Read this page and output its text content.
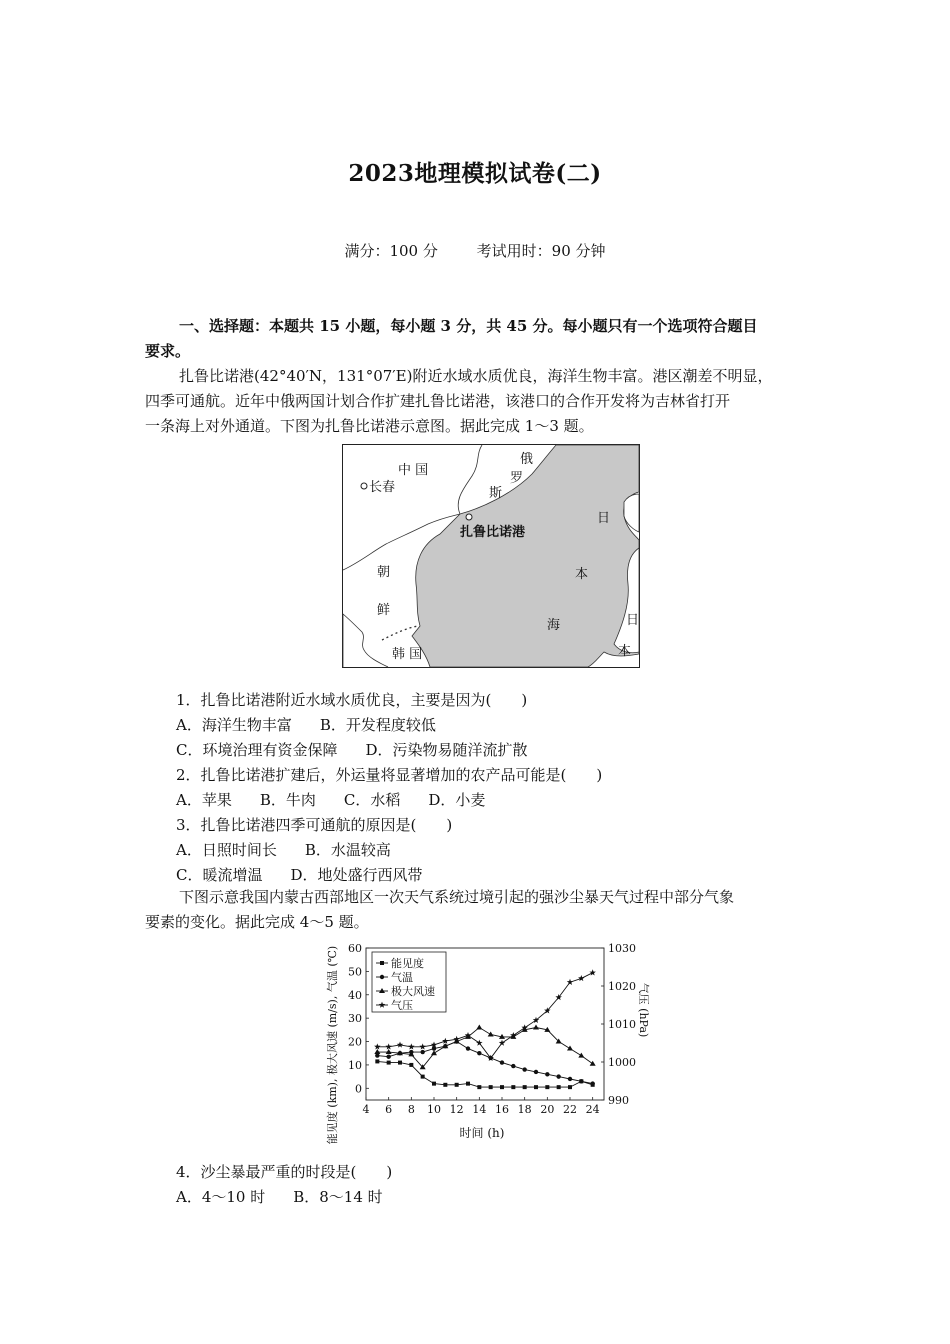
2023地理模拟试卷(二)
满分：100 分	考试用时：90 分钟
一、选择题：本题共 15 小题，每小题 3 分，共 45 分。每小题只有一个选项符合题目
要求。
扎鲁比诺港(42°40′N，131°07′E)附近水域水质优良，海洋生物丰富。港区潮差不明显，
四季可通航。近年中俄两国计划合作扩建扎鲁比诺港，该港口的合作开发将为吉林省打开
一条海上对外通道。下图为扎鲁比诺港示意图。据此完成 1～3 题。
中 国
长春
俄
罗
斯
扎鲁比诺港
朝
鲜
韩 国
日
本
海	日
本
1．扎鲁比诺港附近水域水质优良，主要是因为(　　)
A．海洋生物丰富 B．开发程度较低
C．环境治理有资金保障 D．污染物易随洋流扩散
2．扎鲁比诺港扩建后，外运量将显著增加的农产品可能是(　　)
A．苹果 B．牛肉 C．水稻 D．小麦
3．扎鲁比诺港四季可通航的原因是(　　)
A．日照时间长 B．水温较高
C．暖流增温 D．地处盛行西风带
下图示意我国内蒙古西部地区一次天气系统过境引起的强沙尘暴天气过程中部分气象
要素的变化。据此完成 4～5 题。
能见度 (km), 极大风速 (m/s), 气温 (℃)	气压 (hPa)
时间 (h)
4 6 8 10 12 14 16 18 20 22 24
0
10
20
30
40
50
60
990
1000
1010
1020
1030
能见度
气温
极大风速
气压
4．沙尘暴最严重的时段是(　　)
A．4～10 时 B．8～14 时
